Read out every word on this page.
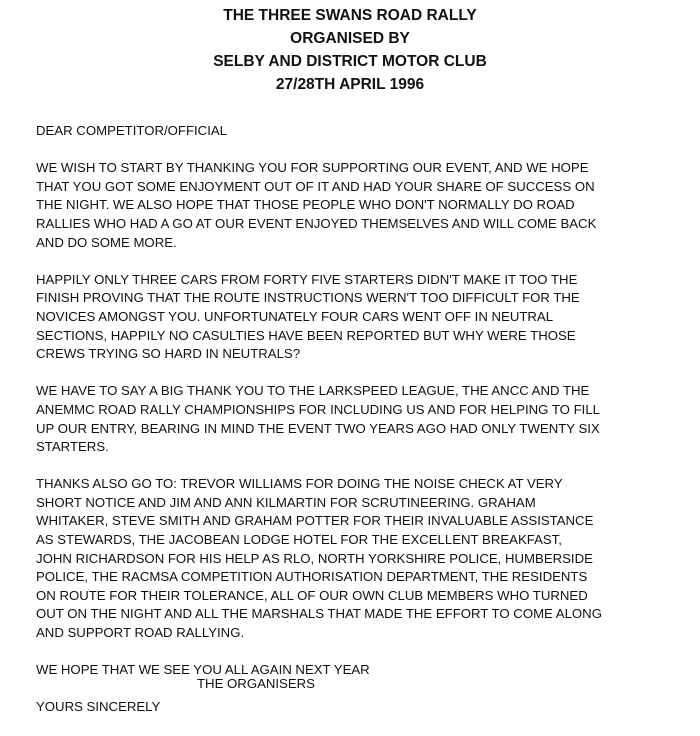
THE THREE SWANS ROAD RALLY
ORGANISED BY
SELBY AND DISTRICT MOTOR CLUB
27/28TH APRIL 1996
DEAR COMPETITOR/OFFICIAL
WE WISH TO START BY THANKING YOU FOR SUPPORTING OUR EVENT, AND WE HOPE
THAT YOU GOT SOME ENJOYMENT OUT OF IT AND HAD YOUR SHARE OF SUCCESS ON
THE NIGHT. WE ALSO HOPE THAT THOSE PEOPLE WHO DON'T NORMALLY DO ROAD
RALLIES WHO HAD A GO AT OUR EVENT ENJOYED THEMSELVES AND WILL COME BACK
AND DO SOME MORE.
HAPPILY ONLY THREE CARS FROM FORTY FIVE STARTERS DIDN'T MAKE IT TOO THE
FINISH PROVING THAT THE ROUTE INSTRUCTIONS WERN'T TOO DIFFICULT FOR THE
NOVICES AMONGST YOU. UNFORTUNATELY FOUR CARS WENT OFF IN NEUTRAL
SECTIONS, HAPPILY NO CASULTIES HAVE BEEN REPORTED BUT WHY WERE THOSE
CREWS TRYING SO HARD IN NEUTRALS?
WE HAVE TO SAY A BIG THANK YOU TO THE LARKSPEED LEAGUE, THE ANCC AND THE
ANEMMC ROAD RALLY CHAMPIONSHIPS FOR INCLUDING US AND FOR HELPING TO FILL
UP OUR ENTRY, BEARING IN MIND THE EVENT TWO YEARS AGO HAD ONLY TWENTY SIX
STARTERS.
THANKS ALSO GO TO: TREVOR WILLIAMS FOR DOING THE NOISE CHECK AT VERY
SHORT NOTICE AND JIM AND ANN KILMARTIN FOR SCRUTINEERING. GRAHAM
WHITAKER, STEVE SMITH AND GRAHAM POTTER FOR THEIR INVALUABLE ASSISTANCE
AS STEWARDS, THE JACOBEAN LODGE HOTEL FOR THE EXCELLENT BREAKFAST,
JOHN RICHARDSON FOR HIS HELP AS RLO, NORTH YORKSHIRE POLICE, HUMBERSIDE
POLICE, THE RACMSA COMPETITION AUTHORISATION DEPARTMENT, THE RESIDENTS
ON ROUTE FOR THEIR TOLERANCE, ALL OF OUR OWN CLUB MEMBERS WHO TURNED
OUT ON THE NIGHT AND ALL THE MARSHALS THAT MADE THE EFFORT TO COME ALONG
AND SUPPORT ROAD RALLYING.
WE HOPE THAT WE SEE YOU ALL AGAIN NEXT YEAR
YOURS SINCERELY
THE ORGANISERS
